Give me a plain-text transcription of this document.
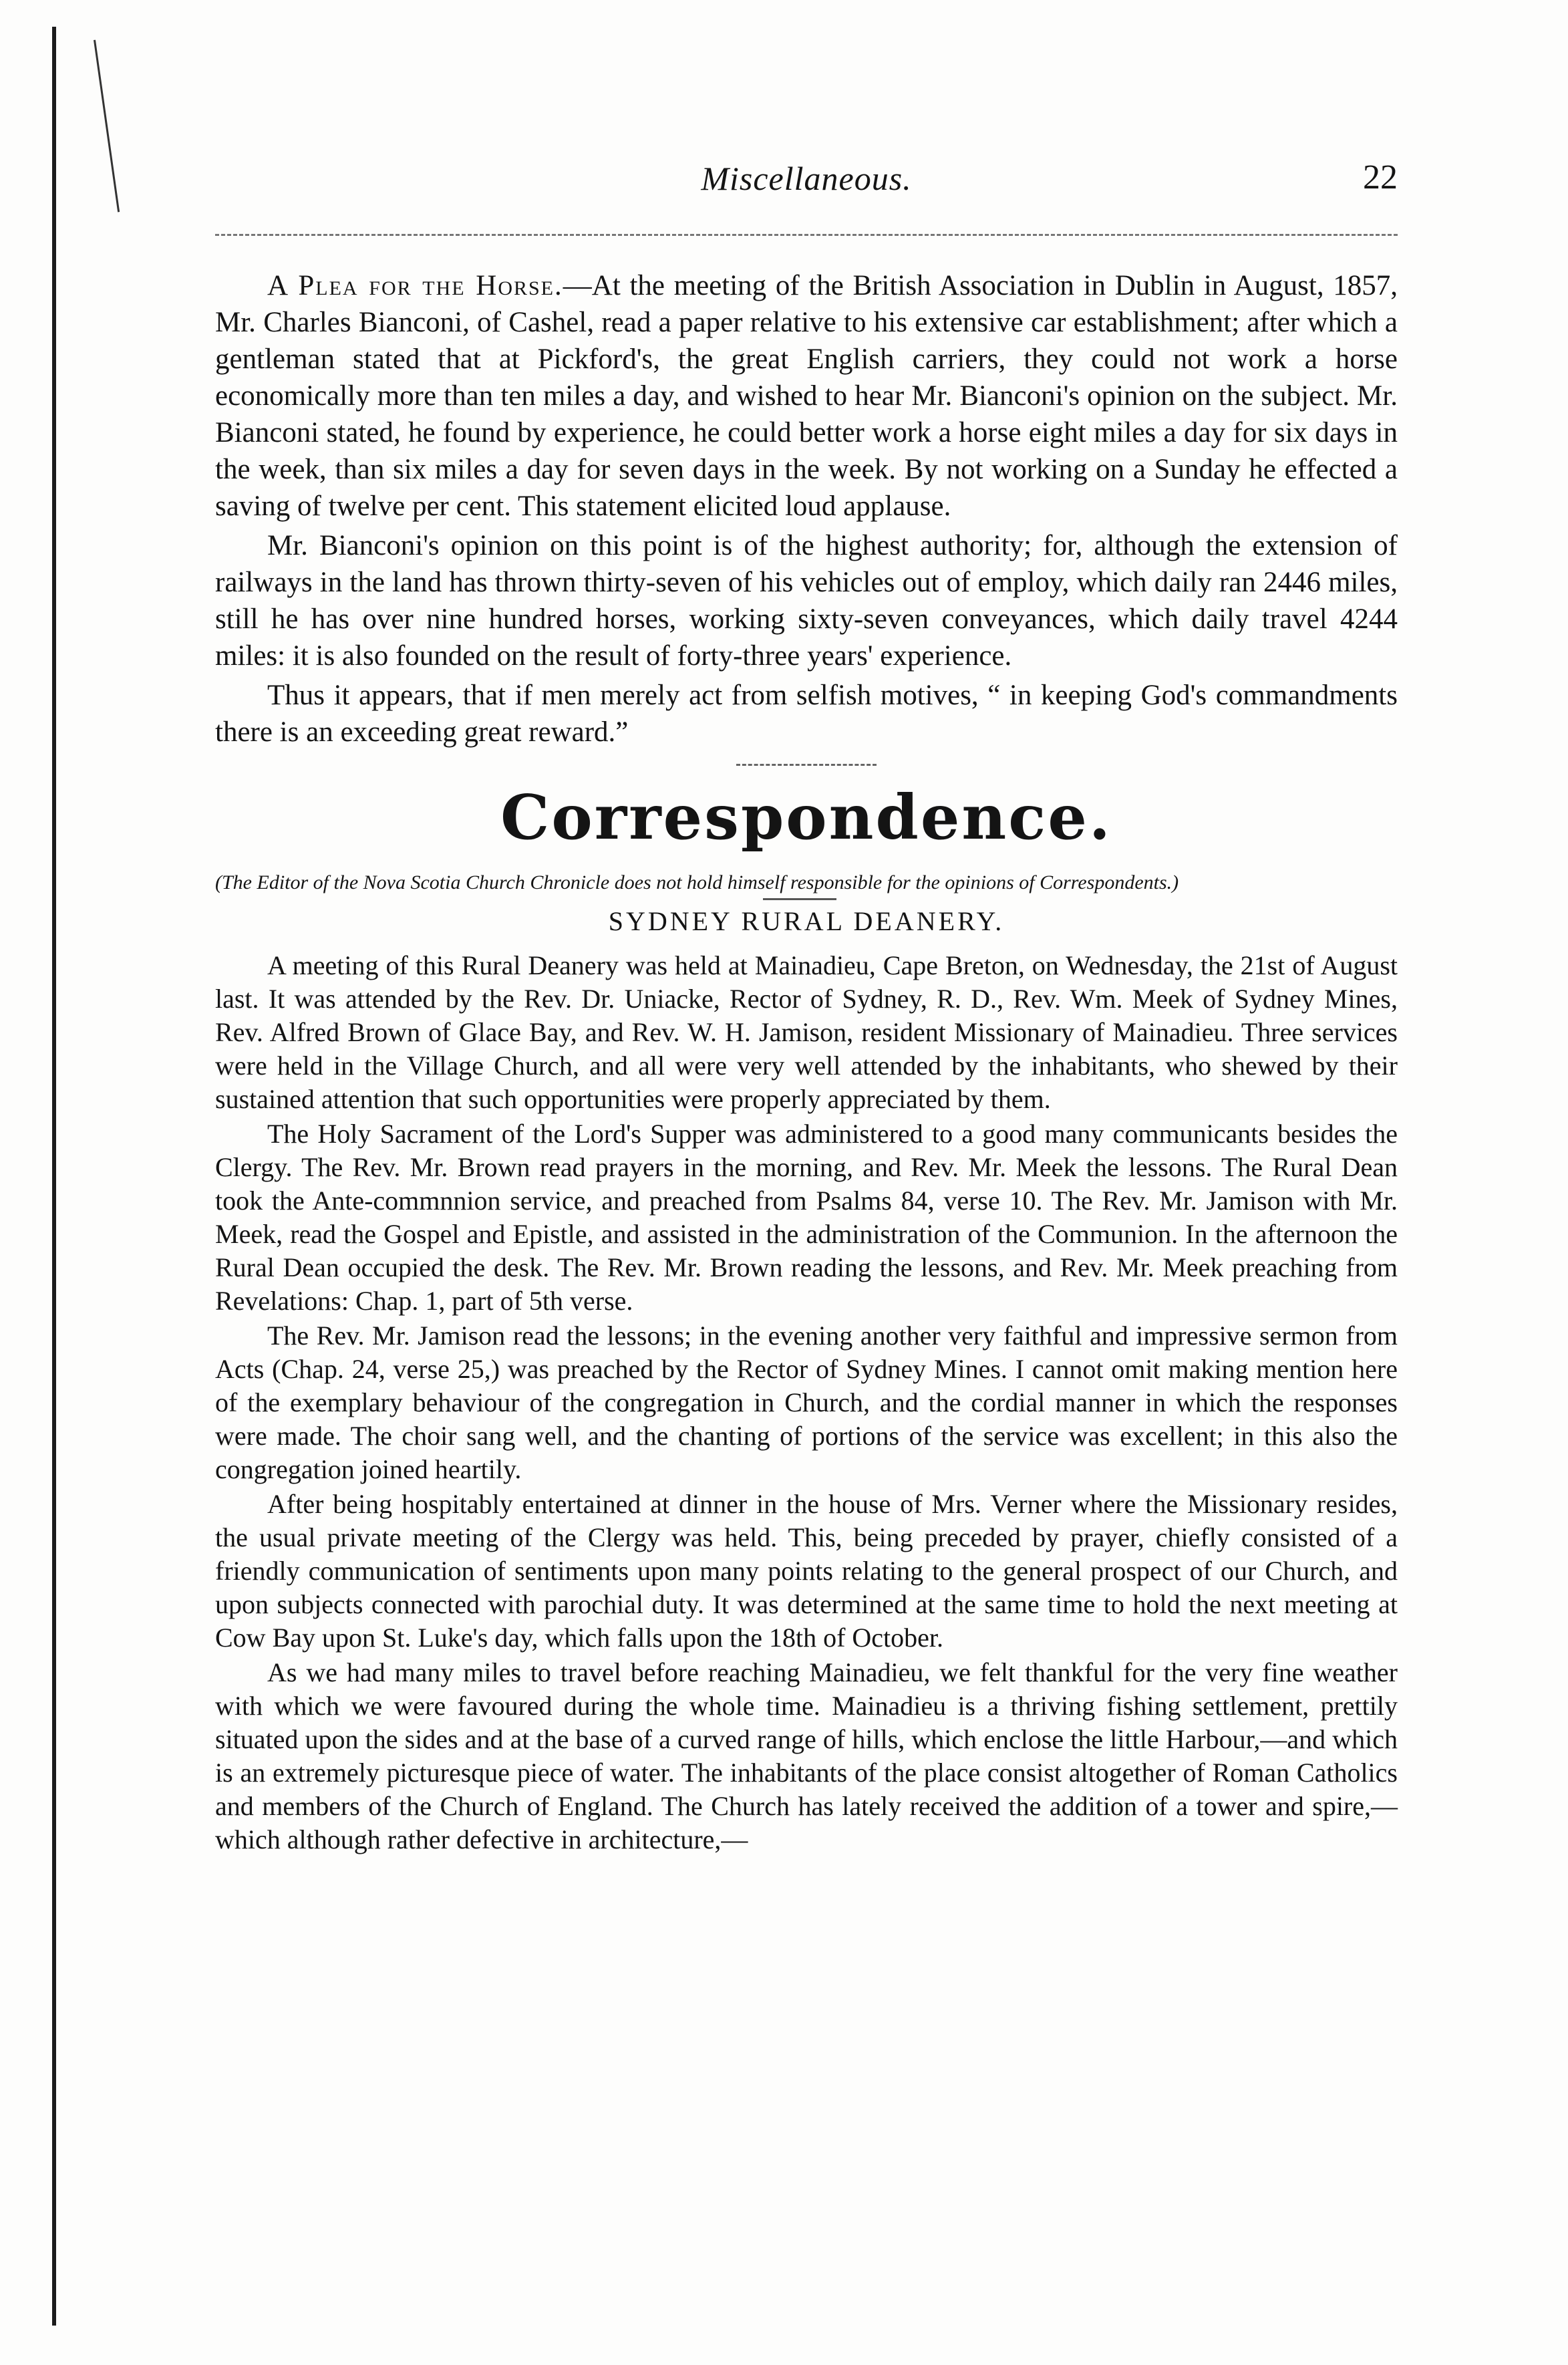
Miscellaneous.	22

A Plea for the Horse.—At the meeting of the British Association in Dublin in August, 1857, Mr. Charles Bianconi, of Cashel, read a paper relative to his extensive car establishment; after which a gentleman stated that at Pickford's, the great English carriers, they could not work a horse economically more than ten miles a day, and wished to hear Mr. Bianconi's opinion on the subject. Mr. Bianconi stated, he found by experience, he could better work a horse eight miles a day for six days in the week, than six miles a day for seven days in the week. By not working on a Sunday he effected a saving of twelve per cent. This statement elicited loud applause.

Mr. Bianconi's opinion on this point is of the highest authority; for, although the extension of railways in the land has thrown thirty-seven of his vehicles out of employ, which daily ran 2446 miles, still he has over nine hundred horses, working sixty-seven conveyances, which daily travel 4244 miles: it is also founded on the result of forty-three years' experience.

Thus it appears, that if men merely act from selfish motives, “ in keeping God's commandments there is an exceeding great reward.”

Correspondence.

(The Editor of the Nova Scotia Church Chronicle does not hold himself responsible for the opinions of Correspondents.)

SYDNEY RURAL DEANERY.

A meeting of this Rural Deanery was held at Mainadieu, Cape Breton, on Wednesday, the 21st of August last. It was attended by the Rev. Dr. Uniacke, Rector of Sydney, R. D., Rev. Wm. Meek of Sydney Mines, Rev. Alfred Brown of Glace Bay, and Rev. W. H. Jamison, resident Missionary of Mainadieu. Three services were held in the Village Church, and all were very well attended by the inhabitants, who shewed by their sustained attention that such opportunities were properly appreciated by them.

The Holy Sacrament of the Lord's Supper was administered to a good many communicants besides the Clergy. The Rev. Mr. Brown read prayers in the morning, and Rev. Mr. Meek the lessons. The Rural Dean took the Ante-commnnion service, and preached from Psalms 84, verse 10. The Rev. Mr. Jamison with Mr. Meek, read the Gospel and Epistle, and assisted in the administration of the Communion. In the afternoon the Rural Dean occupied the desk. The Rev. Mr. Brown reading the lessons, and Rev. Mr. Meek preaching from Revelations: Chap. 1, part of 5th verse.

The Rev. Mr. Jamison read the lessons; in the evening another very faithful and impressive sermon from Acts (Chap. 24, verse 25,) was preached by the Rector of Sydney Mines. I cannot omit making mention here of the exemplary behaviour of the congregation in Church, and the cordial manner in which the responses were made. The choir sang well, and the chanting of portions of the service was excellent; in this also the congregation joined heartily.

After being hospitably entertained at dinner in the house of Mrs. Verner where the Missionary resides, the usual private meeting of the Clergy was held. This, being preceded by prayer, chiefly consisted of a friendly communication of sentiments upon many points relating to the general prospect of our Church, and upon subjects connected with parochial duty. It was determined at the same time to hold the next meeting at Cow Bay upon St. Luke's day, which falls upon the 18th of October.

As we had many miles to travel before reaching Mainadieu, we felt thankful for the very fine weather with which we were favoured during the whole time. Mainadieu is a thriving fishing settlement, prettily situated upon the sides and at the base of a curved range of hills, which enclose the little Harbour,—and which is an extremely picturesque piece of water. The inhabitants of the place consist altogether of Roman Catholics and members of the Church of England. The Church has lately received the addition of a tower and spire,—which although rather defective in architecture,—
